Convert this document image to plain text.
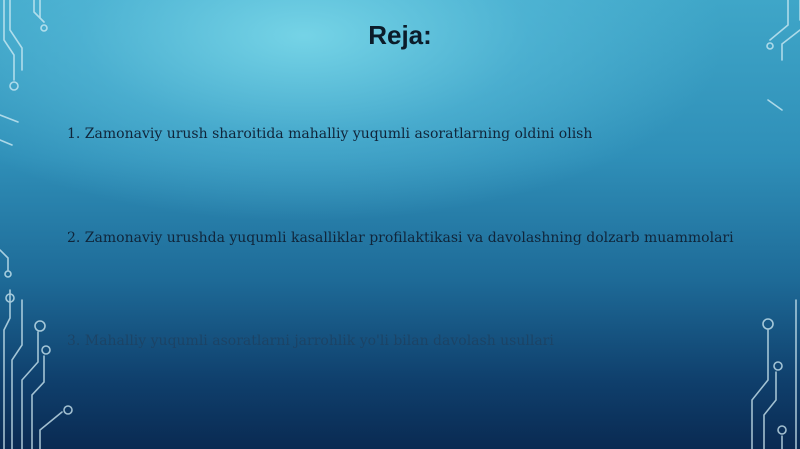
Reja:
1. Zamonaviy urush sharoitida mahalliy yuqumli asoratlarning oldini olish
2. Zamonaviy urushda yuqumli kasalliklar profilaktikasi va davolashning dolzarb muammolari
3. Mahalliy yuqumli asoratlarni jarrohlik yo'li bilan davolash usullari
